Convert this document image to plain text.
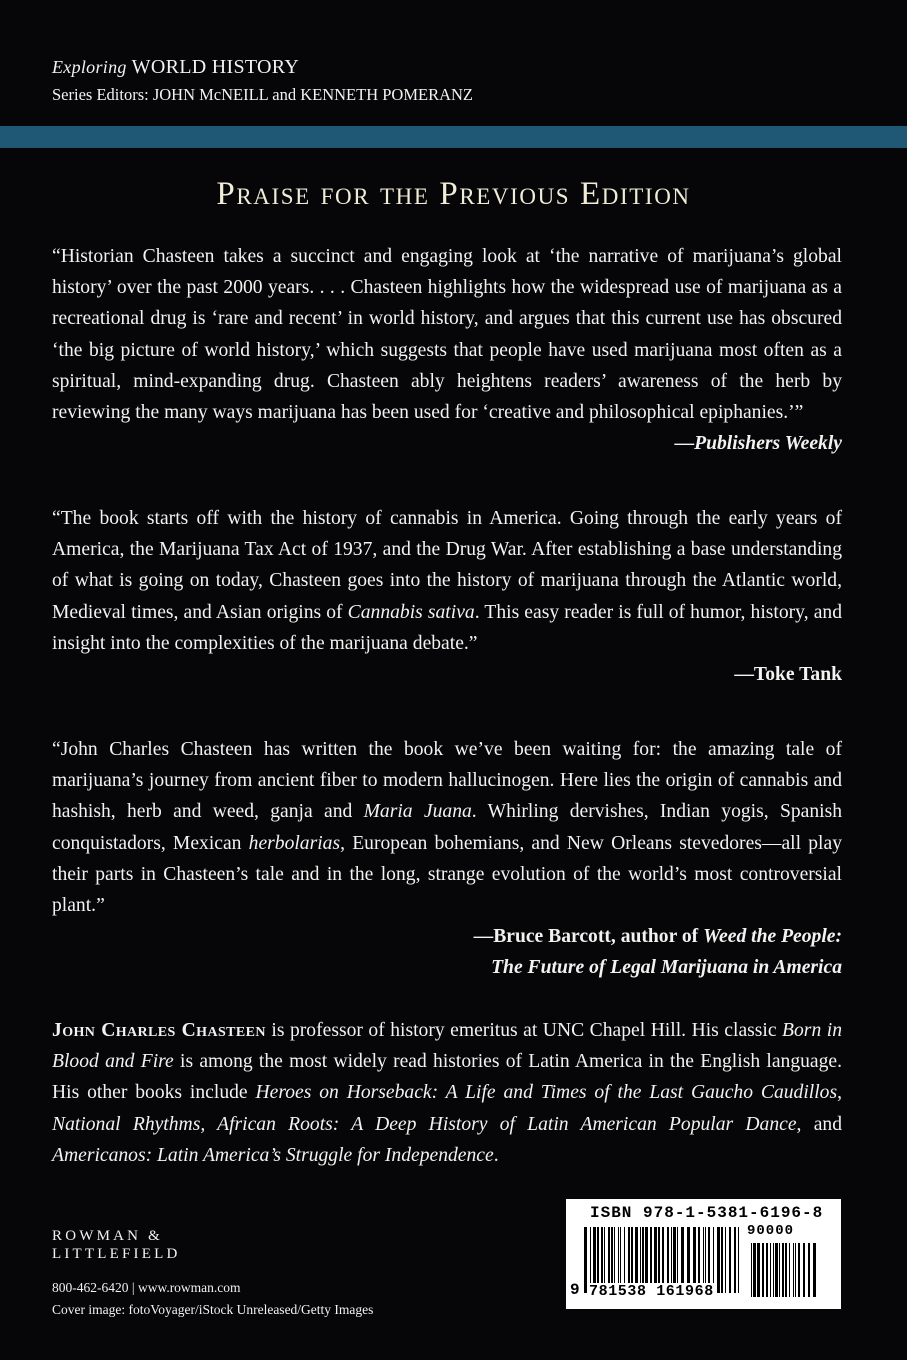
Exploring WORLD HISTORY
Series Editors: JOHN McNEILL and KENNETH POMERANZ
Praise for the Previous Edition
“Historian Chasteen takes a succinct and engaging look at ‘the narrative of marijuana’s global history’ over the past 2000 years. . . . Chasteen highlights how the widespread use of marijuana as a recreational drug is ‘rare and recent’ in world history, and argues that this current use has obscured ‘the big picture of world history,’ which suggests that people have used marijuana most often as a spiritual, mind-expanding drug. Chasteen ably heightens readers’ awareness of the herb by reviewing the many ways marijuana has been used for ‘creative and philosophical epiphanies.’”
—Publishers Weekly
“The book starts off with the history of cannabis in America. Going through the early years of America, the Marijuana Tax Act of 1937, and the Drug War. After establishing a base understanding of what is going on today, Chasteen goes into the history of marijuana through the Atlantic world, Medieval times, and Asian origins of Cannabis sativa. This easy reader is full of humor, history, and insight into the complexities of the marijuana debate.”
—Toke Tank
“John Charles Chasteen has written the book we’ve been waiting for: the amazing tale of marijuana’s journey from ancient fiber to modern hallucinogen. Here lies the origin of cannabis and hashish, herb and weed, ganja and Maria Juana. Whirling dervishes, Indian yogis, Spanish conquistadors, Mexican herbolarias, European bohemians, and New Orleans stevedores—all play their parts in Chasteen’s tale and in the long, strange evolution of the world’s most controversial plant.”
—Bruce Barcott, author of Weed the People:
The Future of Legal Marijuana in America
John Charles Chasteen is professor of history emeritus at UNC Chapel Hill. His classic Born in Blood and Fire is among the most widely read histories of Latin America in the English language. His other books include Heroes on Horseback: A Life and Times of the Last Gaucho Caudillos, National Rhythms, African Roots: A Deep History of Latin American Popular Dance, and Americanos: Latin America’s Struggle for Independence.
ROWMAN &
LITTLEFIELD
800-462-6420 | www.rowman.com
Cover image: fotoVoyager/iStock Unreleased/Getty Images
ISBN 978-1-5381-6196-8
90000
9 781538 161968
